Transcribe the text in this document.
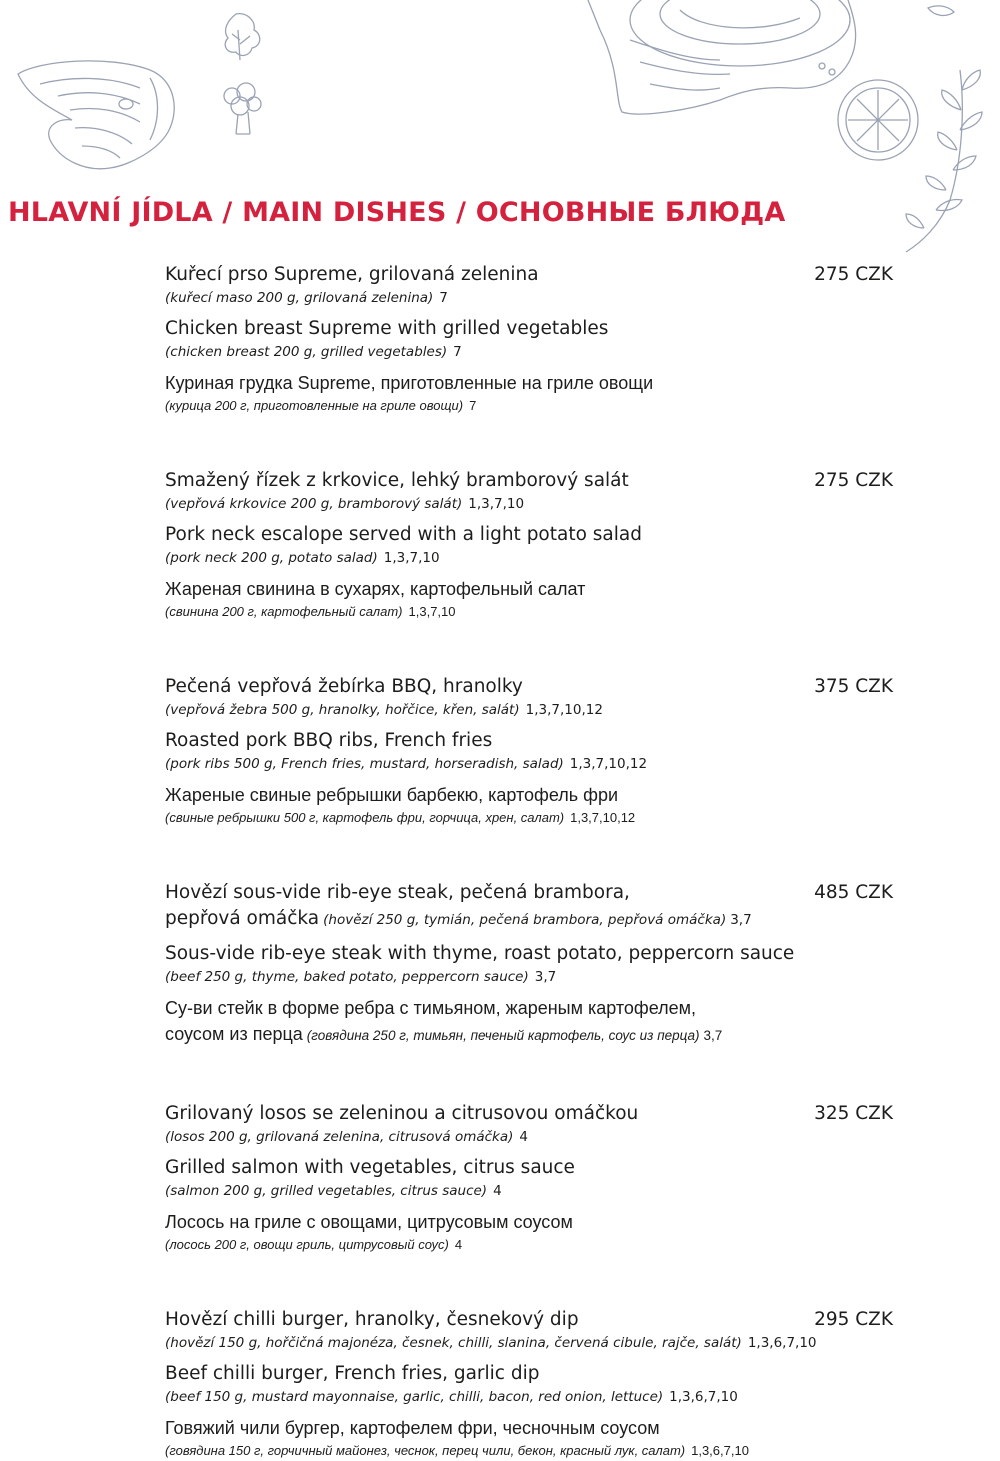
HLAVNÍ JÍDLA / MAIN DISHES / ОСНОВНЫЕ БЛЮДА
275 CZK
Kuřecí prso Supreme, grilovaná zelenina
(kuřecí maso 200 g, grilovaná zelenina) 7
Chicken breast Supreme with grilled vegetables
(chicken breast 200 g, grilled vegetables) 7
Куриная грудка Supreme, приготовленные на гриле овощи
(курица 200 г, приготовленные на гриле овощи) 7
275 CZK
Smažený řízek z krkovice, lehký bramborový salát
(vepřová krkovice 200 g, bramborový salát) 1,3,7,10
Pork neck escalope served with a light potato salad
(pork neck 200 g, potato salad) 1,3,7,10
Жареная свинина в сухарях, картофельный салат
(свинина 200 г, картофельный салат) 1,3,7,10
375 CZK
Pečená vepřová žebírka BBQ, hranolky
(vepřová žebra 500 g, hranolky, hořčice, křen, salát) 1,3,7,10,12
Roasted pork BBQ ribs, French fries
(pork ribs 500 g, French fries, mustard, horseradish, salad) 1,3,7,10,12
Жареные свиные ребрышки барбекю, картофель фри
(свиные ребрышки 500 г, картофель фри, горчица, хрен, салат) 1,3,7,10,12
485 CZK
Hovězí sous-vide rib-eye steak, pečená brambora,
pepřová omáčka (hovězí 250 g, tymián, pečená brambora, pepřová omáčka) 3,7
Sous-vide rib-eye steak with thyme, roast potato, peppercorn sauce
(beef 250 g, thyme, baked potato, peppercorn sauce) 3,7
Су-ви стейк в форме ребра с тимьяном, жареным картофелем,
соусом из перца (говядина 250 г, тимьян, печеный картофель, соус из перца) 3,7
325 CZK
Grilovaný losos se zeleninou a citrusovou omáčkou
(losos 200 g, grilovaná zelenina, citrusová omáčka) 4
Grilled salmon with vegetables, citrus sauce
(salmon 200 g, grilled vegetables, citrus sauce) 4
Лосось на гриле с овощами, цитрусовым соусом
(лосось 200 г, овощи гриль, цитрусовый соус) 4
295 CZK
Hovězí chilli burger, hranolky, česnekový dip
(hovězí 150 g, hořčičná majonéza, česnek, chilli, slanina, červená cibule, rajče, salát) 1,3,6,7,10
Beef chilli burger, French fries, garlic dip
(beef 150 g, mustard mayonnaise, garlic, chilli, bacon, red onion, lettuce) 1,3,6,7,10
Говяжий чили бургер, картофелем фри, чесночным соусом
(говядина 150 г, горчичный майонез, чеснок, перец чили, бекон, красный лук, салат) 1,3,6,7,10
